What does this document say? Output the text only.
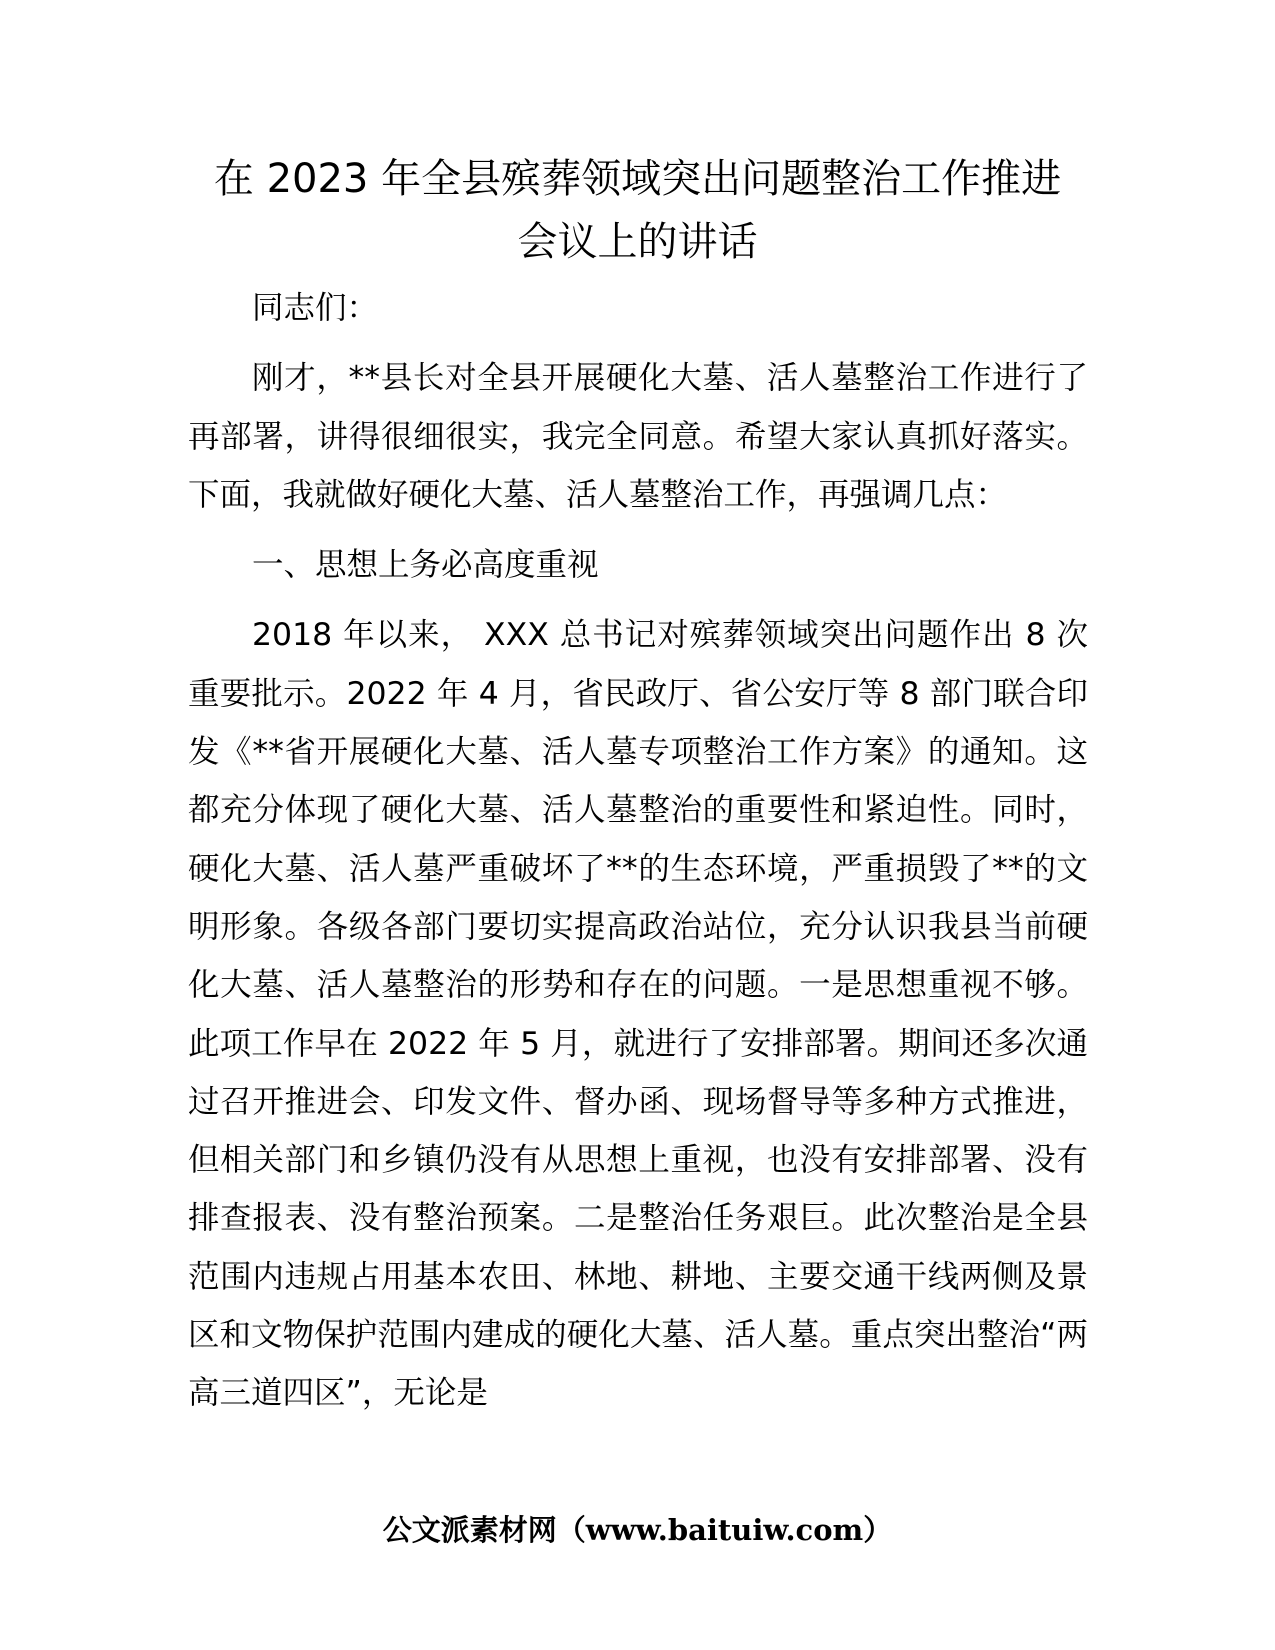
在 2023 年全县殡葬领域突出问题整治工作推进
会议上的讲话

同志们：

刚才，**县长对全县开展硬化大墓、活人墓整治工作进行了再部署，讲得很细很实，我完全同意。希望大家认真抓好落实。下面，我就做好硬化大墓、活人墓整治工作，再强调几点：

一、思想上务必高度重视

2018 年以来， XXX 总书记对殡葬领域突出问题作出 8 次重要批示。2022 年 4 月，省民政厅、省公安厅等 8 部门联合印发《**省开展硬化大墓、活人墓专项整治工作方案》的通知。这都充分体现了硬化大墓、活人墓整治的重要性和紧迫性。同时，硬化大墓、活人墓严重破坏了**的生态环境，严重损毁了**的文明形象。各级各部门要切实提高政治站位，充分认识我县当前硬化大墓、活人墓整治的形势和存在的问题。一是思想重视不够。此项工作早在 2022 年 5 月，就进行了安排部署。期间还多次通过召开推进会、印发文件、督办函、现场督导等多种方式推进，但相关部门和乡镇仍没有从思想上重视，也没有安排部署、没有排查报表、没有整治预案。二是整治任务艰巨。此次整治是全县范围内违规占用基本农田、林地、耕地、主要交通干线两侧及景区和文物保护范围内建成的硬化大墓、活人墓。重点突出整治“两高三道四区”，无论是

公文派素材网（www.baituiw.com）
